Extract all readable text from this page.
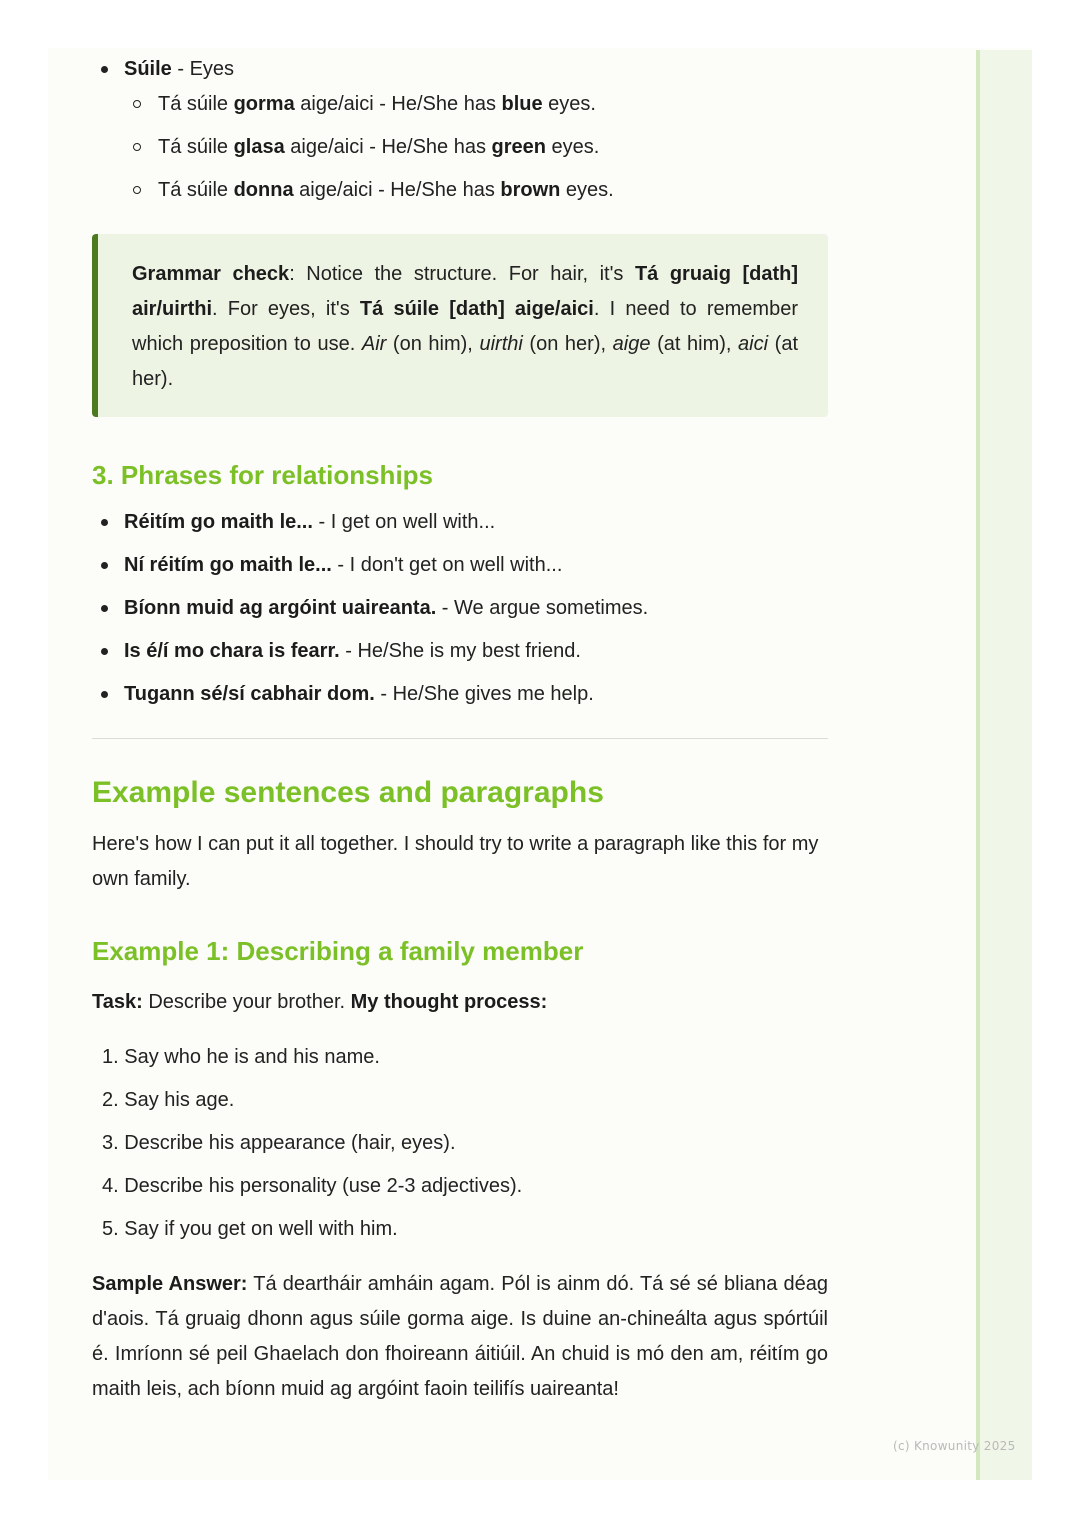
Súile - Eyes
Tá súile gorma aige/aici - He/She has blue eyes.
Tá súile glasa aige/aici - He/She has green eyes.
Tá súile donna aige/aici - He/She has brown eyes.
Grammar check: Notice the structure. For hair, it's Tá gruaig [dath] air/uirthi. For eyes, it's Tá súile [dath] aige/aici. I need to remember which preposition to use. Air (on him), uirthi (on her), aige (at him), aici (at her).
3. Phrases for relationships
Réitím go maith le... - I get on well with...
Ní réitím go maith le... - I don't get on well with...
Bíonn muid ag argóint uaireanta. - We argue sometimes.
Is é/í mo chara is fearr. - He/She is my best friend.
Tugann sé/sí cabhair dom. - He/She gives me help.
Example sentences and paragraphs

Here's how I can put it all together. I should try to write a paragraph like this for my own family.

Example 1: Describing a family member

Task: Describe your brother. My thought process:

1. Say who he is and his name.
2. Say his age.
3. Describe his appearance (hair, eyes).
4. Describe his personality (use 2-3 adjectives).
5. Say if you get on well with him.

Sample Answer: Tá deartháir amháin agam. Pól is ainm dó. Tá sé sé bliana déag d'aois. Tá gruaig dhonn agus súile gorma aige. Is duine an-chineálta agus spórtúil é. Imríonn sé peil Ghaelach don fhoireann áitiúil. An chuid is mó den am, réitím go maith leis, ach bíonn muid ag argóint faoin teilifís uaireanta!

(c) Knowunity 2025
